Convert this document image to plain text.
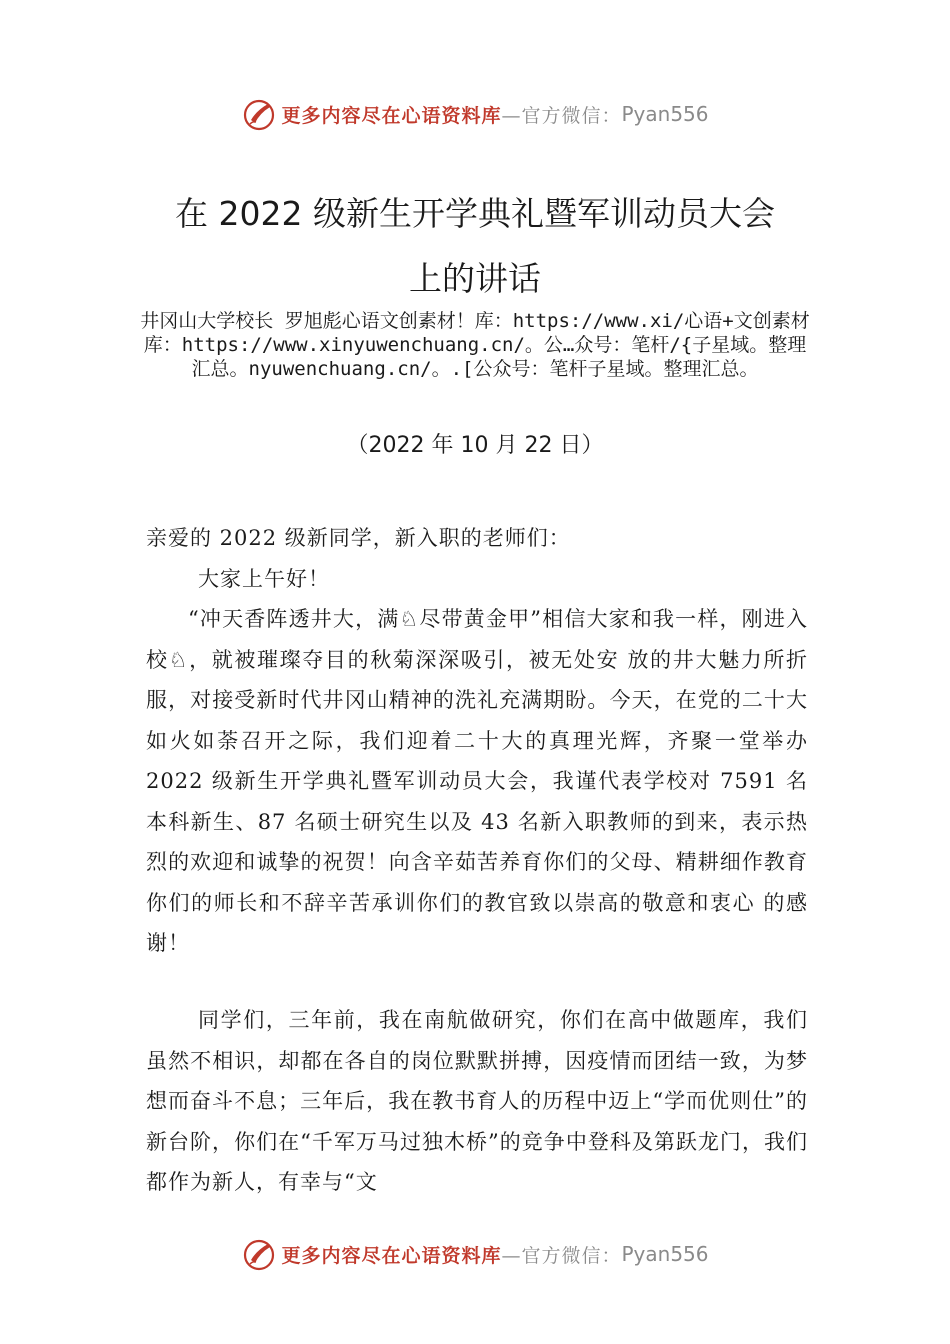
更多内容尽在心语资料库 —官方微信： Pyan556
在 2022 级新生开学典礼暨军训动员大会
上的讲话
井冈山大学校长 罗旭彪心语文创素材！库：https://www.xi/心语+文创素材库：https://www.xinyuwenchuang.cn/。公…众号：笔杆/{子星域。整理汇总。nyuwenchuang.cn/。.[公众号：笔杆子星域。整理汇总。
（2022 年 10 月 22 日）
亲爱的 2022 级新同学，新入职的老师们：
大家上午好！
“冲天香阵透井大，满♘尽带黄金甲”相信大家和我一样，刚进入校♘，就被璀璨夺目的秋菊深深吸引，被无处安 放的井大魅力所折服，对接受新时代井冈山精神的洗礼充满期盼。今天，在党的二十大如火如荼召开之际，我们迎着二十大的真理光辉，齐聚一堂举办 2022 级新生开学典礼暨军训动员大会，我谨代表学校对 7591 名本科新生、87 名硕士研究生以及 43 名新入职教师的到来，表示热烈的欢迎和诚挚的祝贺！向含辛茹苦养育你们的父母、精耕细作教育你们的师长和不辞辛苦承训你们的教官致以崇高的敬意和衷心 的感谢！
同学们，三年前，我在南航做研究，你们在高中做题库，我们虽然不相识，却都在各自的岗位默默拼搏，因疫情而团结一致，为梦想而奋斗不息；三年后，我在教书育人的历程中迈上“学而优则仕”的新台阶，你们在“千军万马过独木桥”的竞争中登科及第跃龙门，我们都作为新人，有幸与“文
更多内容尽在心语资料库 —官方微信： Pyan556
